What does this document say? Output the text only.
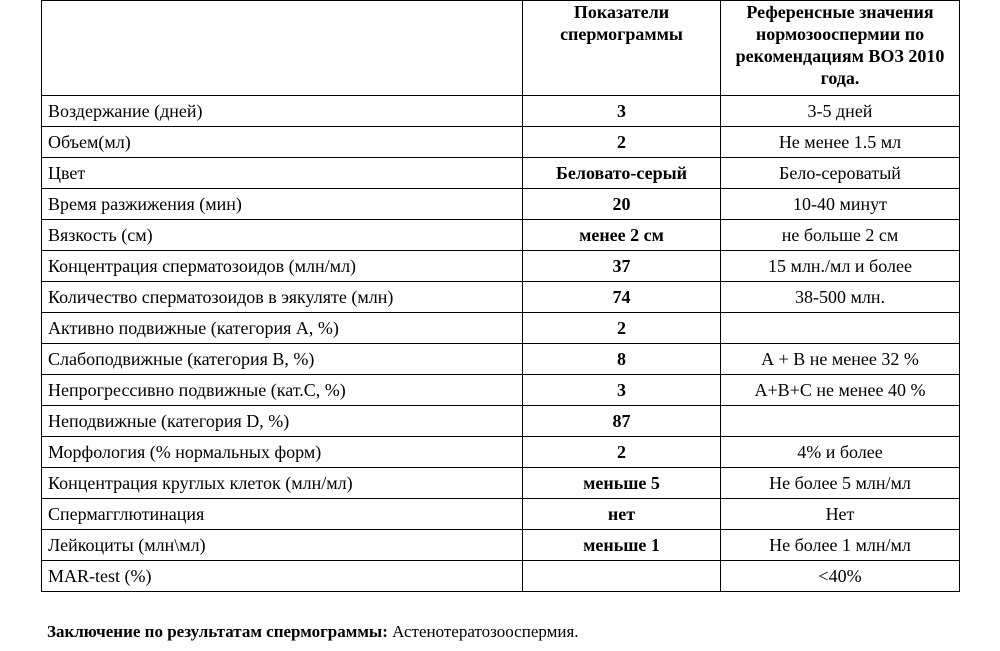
	Показатели спермограммы	Референсные значения нормозооспермии по рекомендациям ВОЗ 2010 года.
Воздержание (дней)	3	3-5 дней
Объем(мл)	2	Не менее 1.5 мл
Цвет	Беловато-серый	Бело-сероватый
Время разжижения (мин)	20	10-40 минут
Вязкость (см)	менее 2 см	не больше 2 см
Концентрация сперматозоидов (млн/мл)	37	15 млн./мл и более
Количество сперматозоидов в эякуляте (млн)	74	38-500 млн.
Активно подвижные (категория А, %)	2	
Слабоподвижные (категория В, %)	8	А + В не менее 32 %
Непрогрессивно подвижные (кат.С, %)	3	А+В+С не менее 40 %
Неподвижные (категория D, %)	87	
Морфология (% нормальных форм)	2	4% и более
Концентрация круглых клеток (млн/мл)	меньше 5	Не более 5 млн/мл
Спермагглютинация	нет	Нет
Лейкоциты (млн\мл)	меньше 1	Не более 1 млн/мл
MAR-test (%)		<40%
Заключение по результатам спермограммы: Астенотератозооспермия.
